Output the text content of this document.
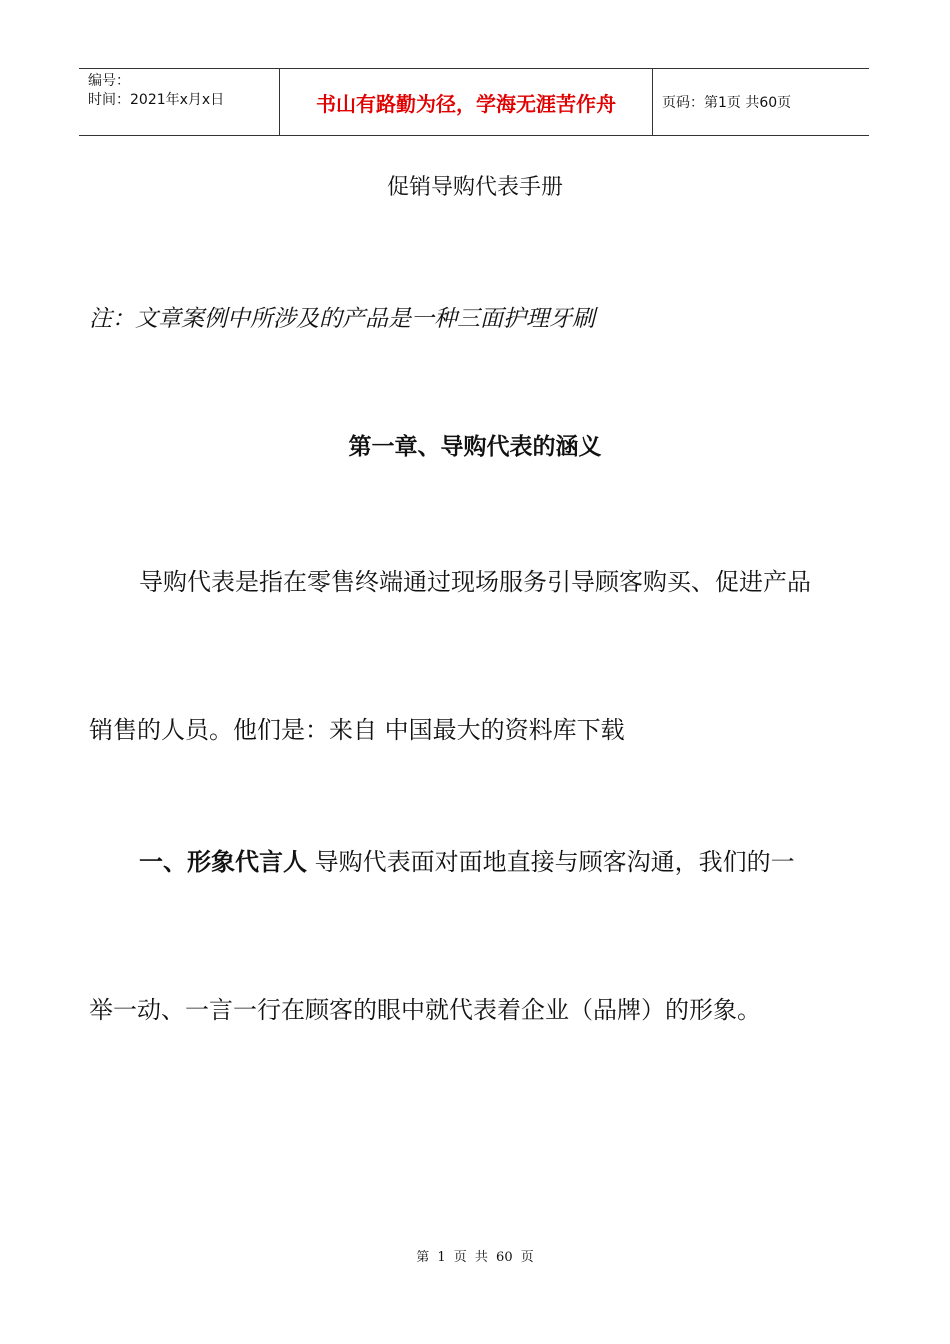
编号：
时间：2021年x月x日	书山有路勤为径，学海无涯苦作舟	页码：第1页 共60页
促销导购代表手册
注：文章案例中所涉及的产品是一种三面护理牙刷
第一章、导购代表的涵义
导购代表是指在零售终端通过现场服务引导顾客购买、促进产品
销售的人员。他们是：来自 中国最大的资料库下载
一、形象代言人 导购代表面对面地直接与顾客沟通，我们的一
举一动、一言一行在顾客的眼中就代表着企业（品牌）的形象。
第 1 页 共 60 页
